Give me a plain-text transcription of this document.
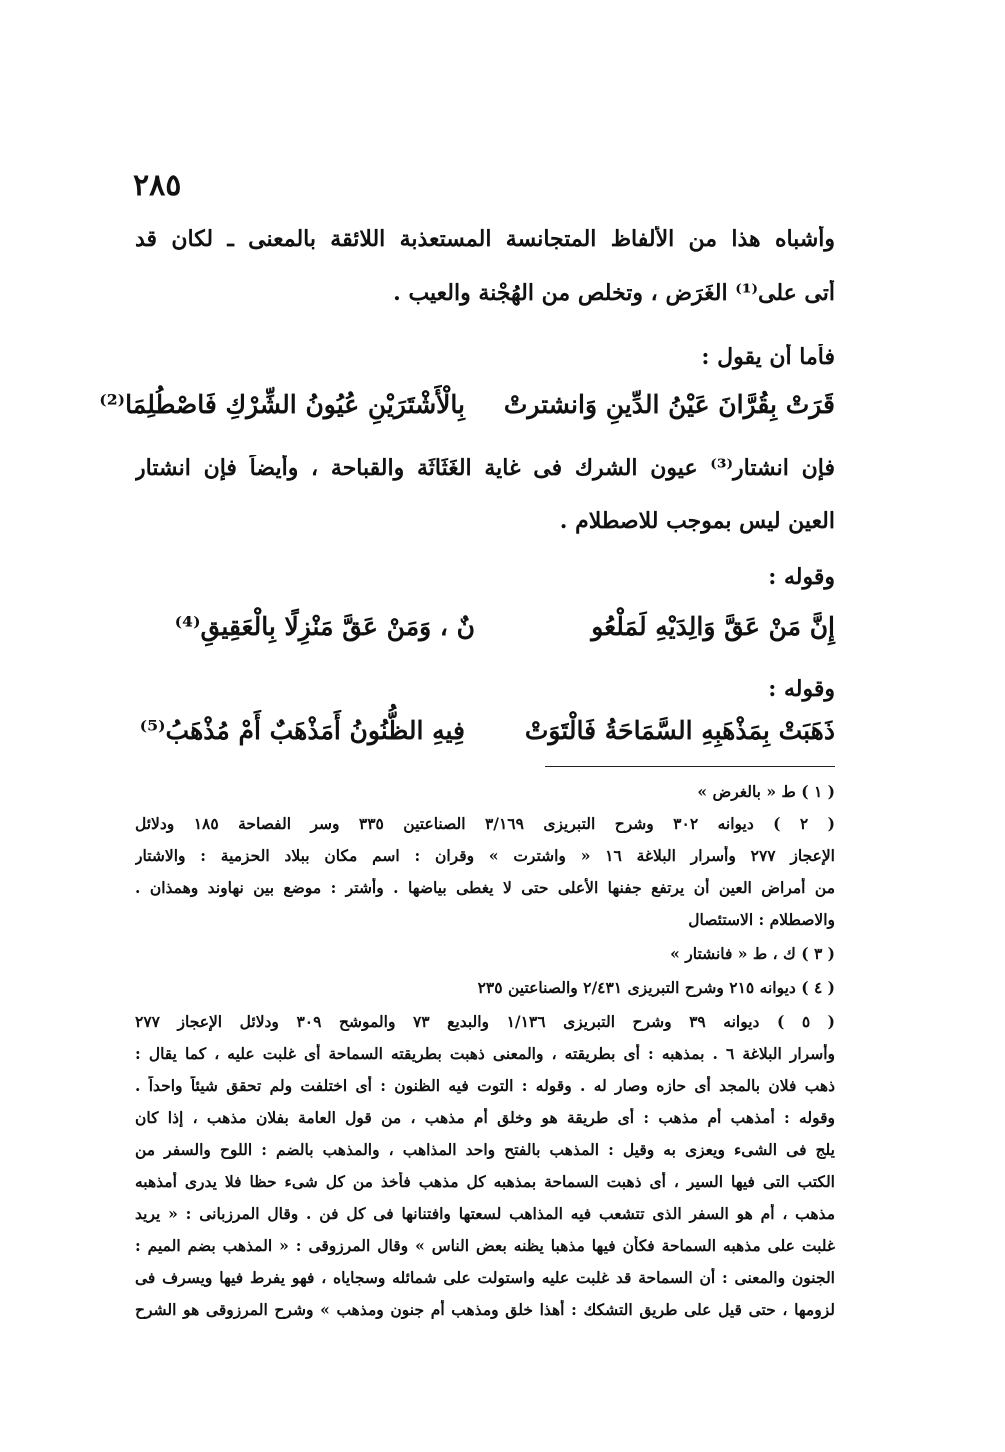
٢٨٥
وأشباه هذا من الألفاظ المتجانسة المستعذبة اللائقة بالمعنى ـ لكان قد
أتى على⁽¹⁾ الغَرَض ، وتخلص من الهُجْنة والعيب .
فأما أن يقول :
قَرَتْ بِقُرَّانَ عَيْنُ الدِّينِ وَانشترتْ
بِالْأَشْتَرَيْنِ عُيُونُ الشِّرْكِ فَاصْطُلِمَا⁽²⁾
فإن انشتار⁽³⁾ عيون الشرك فى غاية الغَثَاثَة والقباحة ، وأيضاً فإن انشتار
العين ليس بموجب للاصطلام .
وقوله :
إِنَّ مَنْ عَقَّ وَالِدَيْهِ لَمَلْعُو
نٌ ، وَمَنْ عَقَّ مَنْزِلًا بِالْعَقِيقِ⁽⁴⁾
وقوله :
ذَهَبَتْ بِمَذْهَبِهِ السَّمَاحَةُ فَالْتَوَتْ
فِيهِ الظُّنُونُ أَمَذْهَبٌ أَمْ مُذْهَبُ⁽⁵⁾
( ١ ) ط « بالغرض »
( ٢ ) ديوانه ٣٠٢ وشرح التبريزى ٣/١٦٩ الصناعتين ٣٣٥ وسر الفصاحة ١٨٥ ودلائل
الإعجاز ٢٧٧ وأسرار البلاغة ١٦ « واشترت » وقران : اسم مكان ببلاد الحزمية : والاشتار
من أمراض العين أن يرتفع جفنها الأعلى حتى لا يغطى بياضها . وأشتر : موضع بين نهاوند وهمذان .
والاصطلام : الاستئصال
( ٣ ) ك ، ط « فانشتار »
( ٤ ) ديوانه ٢١٥ وشرح التبريزى ٢/٤٣١ والصناعتين ٢٣٥
( ٥ ) ديوانه ٣٩ وشرح التبريزى ١/١٣٦ والبديع ٧٣ والموشح ٣٠٩ ودلائل الإعجاز ٢٧٧
وأسرار البلاغة ٦ . بمذهبه : أى بطريقته ، والمعنى ذهبت بطريقته السماحة أى غلبت عليه ، كما يقال :
ذهب فلان بالمجد أى حازه وصار له . وقوله : التوت فيه الظنون : أى اختلفت ولم تحقق شيئاً واحداً .
وقوله : أمذهب أم مذهب : أى طريقة هو وخلق أم مذهب ، من قول العامة بفلان مذهب ، إذا كان
يلج فى الشىء ويعزى به وقيل : المذهب بالفتح واحد المذاهب ، والمذهب بالضم : اللوح والسفر من
الكتب التى فيها السير ، أى ذهبت السماحة بمذهبه كل مذهب فأخذ من كل شىء حظا فلا يدرى أمذهبه
مذهب ، أم هو السفر الذى تتشعب فيه المذاهب لسعتها وافتنانها فى كل فن . وقال المرزبانى : « يريد
غلبت على مذهبه السماحة فكأن فيها مذهبا يظنه بعض الناس » وقال المرزوقى : « المذهب بضم الميم :
الجنون والمعنى : أن السماحة قد غلبت عليه واستولت على شمائله وسجاياه ، فهو يفرط فيها ويسرف فى
لزومها ، حتى قيل على طريق التشكك : أهذا خلق ومذهب أم جنون ومذهب » وشرح المرزوقى هو الشرح
